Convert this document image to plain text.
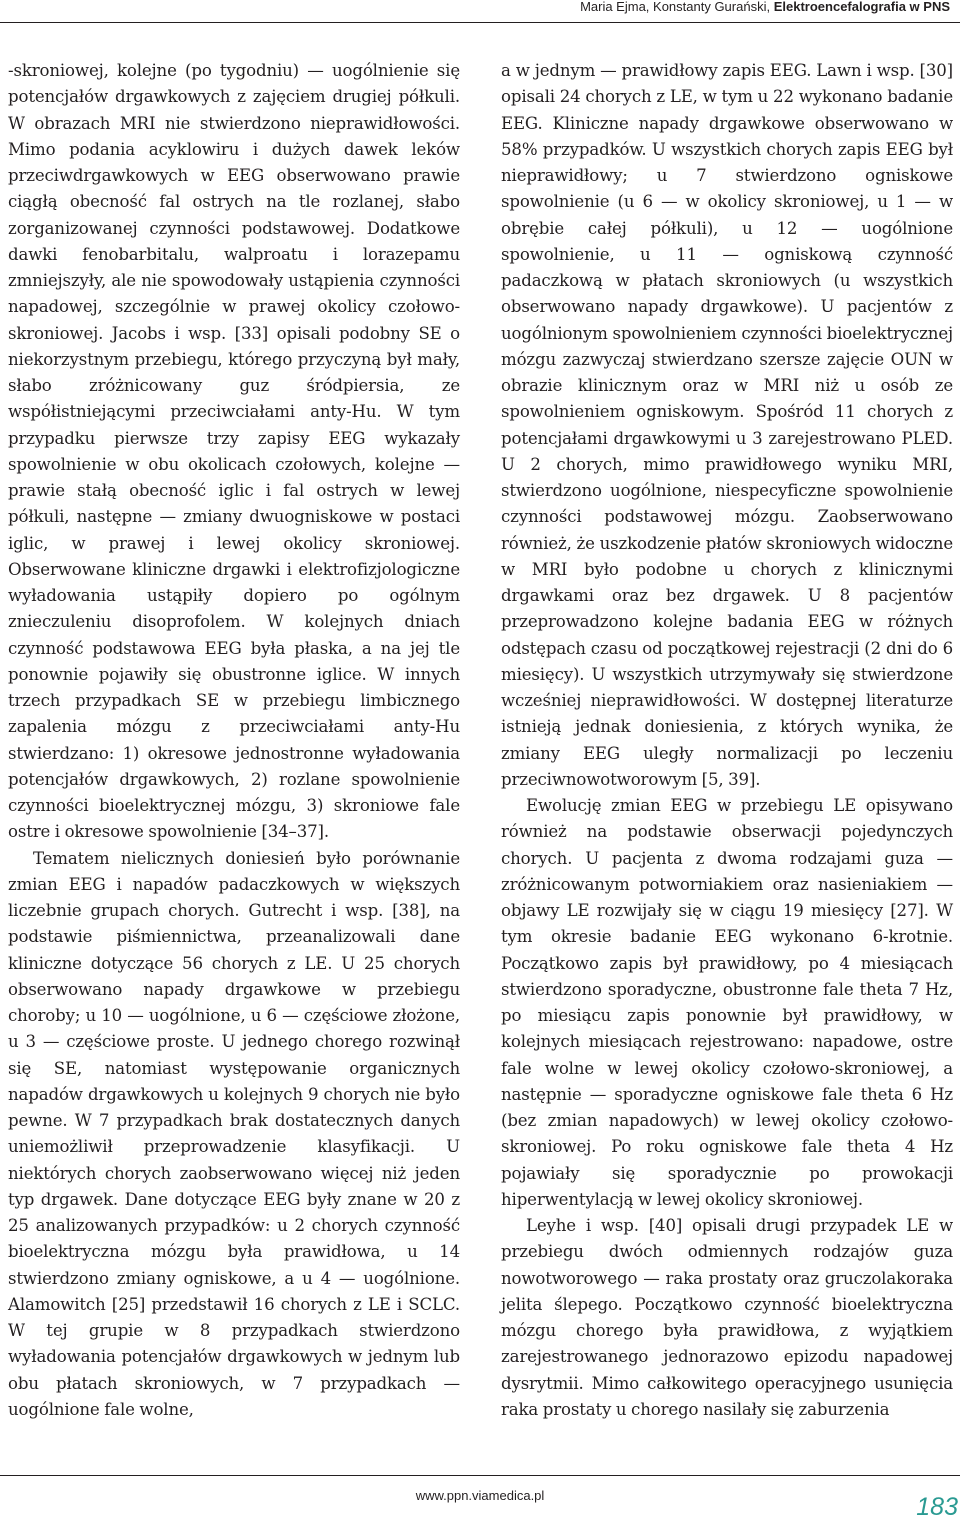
Maria Ejma, Konstanty Gurański, Elektroencefalografia w PNS

-skroniowej, kolejne (po tygodniu) — uogólnienie się potencjałów drgawkowych z zajęciem drugiej półkuli. W obrazach MRI nie stwierdzono nieprawidłowości. Mimo podania acyklowiru i dużych dawek leków przeciwdrgawkowych w EEG obserwowano prawie ciągłą obecność fal ostrych na tle rozlanej, słabo zorganizowanej czynności podstawowej. Dodatkowe dawki fenobarbitalu, walproatu i lorazepamu zmniejszyły, ale nie spowodowały ustąpienia czynności napadowej, szczególnie w prawej okolicy czołowo-skroniowej. Jacobs i wsp. [33] opisali podobny SE o niekorzystnym przebiegu, którego przyczyną był mały, słabo zróżnicowany guz śródpiersia, ze współistniejącymi przeciwciałami anty-Hu. W tym przypadku pierwsze trzy zapisy EEG wykazały spowolnienie w obu okolicach czołowych, kolejne — prawie stałą obecność iglic i fal ostrych w lewej półkuli, następne — zmiany dwuogniskowe w postaci iglic, w prawej i lewej okolicy skroniowej. Obserwowane kliniczne drgawki i elektrofizjologiczne wyładowania ustąpiły dopiero po ogólnym znieczuleniu disoprofolem. W kolejnych dniach czynność podstawowa EEG była płaska, a na jej tle ponownie pojawiły się obustronne iglice. W innych trzech przypadkach SE w przebiegu limbicznego zapalenia mózgu z przeciwciałami anty-Hu stwierdzano: 1) okresowe jednostronne wyładowania potencjałów drgawkowych, 2) rozlane spowolnienie czynności bioelektrycznej mózgu, 3) skroniowe fale ostre i okresowe spowolnienie [34–37].

Tematem nielicznych doniesień było porównanie zmian EEG i napadów padaczkowych w większych liczebnie grupach chorych. Gutrecht i wsp. [38], na podstawie piśmiennictwa, przeanalizowali dane kliniczne dotyczące 56 chorych z LE. U 25 chorych obserwowano napady drgawkowe w przebiegu choroby; u 10 — uogólnione, u 6 — częściowe złożone, u 3 — częściowe proste. U jednego chorego rozwinął się SE, natomiast występowanie organicznych napadów drgawkowych u kolejnych 9 chorych nie było pewne. W 7 przypadkach brak dostatecznych danych uniemożliwił przeprowadzenie klasyfikacji. U niektórych chorych zaobserwowano więcej niż jeden typ drgawek. Dane dotyczące EEG były znane w 20 z 25 analizowanych przypadków: u 2 chorych czynność bioelektryczna mózgu była prawidłowa, u 14 stwierdzono zmiany ogniskowe, a u 4 — uogólnione. Alamowitch [25] przedstawił 16 chorych z LE i SCLC. W tej grupie w 8 przypadkach stwierdzono wyładowania potencjałów drgawkowych w jednym lub obu płatach skroniowych, w 7 przypadkach — uogólnione fale wolne,

a w jednym — prawidłowy zapis EEG. Lawn i wsp. [30] opisali 24 chorych z LE, w tym u 22 wykonano badanie EEG. Kliniczne napady drgawkowe obserwowano w 58% przypadków. U wszystkich chorych zapis EEG był nieprawidłowy; u 7 stwierdzono ogniskowe spowolnienie (u 6 — w okolicy skroniowej, u 1 — w obrębie całej półkuli), u 12 — uogólnione spowolnienie, u 11 — ogniskową czynność padaczkową w płatach skroniowych (u wszystkich obserwowano napady drgawkowe). U pacjentów z uogólnionym spowolnieniem czynności bioelektrycznej mózgu zazwyczaj stwierdzano szersze zajęcie OUN w obrazie klinicznym oraz w MRI niż u osób ze spowolnieniem ogniskowym. Spośród 11 chorych z potencjałami drgawkowymi u 3 zarejestrowano PLED. U 2 chorych, mimo prawidłowego wyniku MRI, stwierdzono uogólnione, niespecyficzne spowolnienie czynności podstawowej mózgu. Zaobserwowano również, że uszkodzenie płatów skroniowych widoczne w MRI było podobne u chorych z klinicznymi drgawkami oraz bez drgawek. U 8 pacjentów przeprowadzono kolejne badania EEG w różnych odstępach czasu od początkowej rejestracji (2 dni do 6 miesięcy). U wszystkich utrzymywały się stwierdzone wcześniej nieprawidłowości. W dostępnej literaturze istnieją jednak doniesienia, z których wynika, że zmiany EEG uległy normalizacji po leczeniu przeciwnowotworowym [5, 39].

Ewolucję zmian EEG w przebiegu LE opisywano również na podstawie obserwacji pojedynczych chorych. U pacjenta z dwoma rodzajami guza — zróżnicowanym potworniakiem oraz nasieniakiem — objawy LE rozwijały się w ciągu 19 miesięcy [27]. W tym okresie badanie EEG wykonano 6-krotnie. Początkowo zapis był prawidłowy, po 4 miesiącach stwierdzono sporadyczne, obustronne fale theta 7 Hz, po miesiącu zapis ponownie był prawidłowy, w kolejnych miesiącach rejestrowano: napadowe, ostre fale wolne w lewej okolicy czołowo-skroniowej, a następnie — sporadyczne ogniskowe fale theta 6 Hz (bez zmian napadowych) w lewej okolicy czołowo-skroniowej. Po roku ogniskowe fale theta 4 Hz pojawiały się sporadycznie po prowokacji hiperwentylacją w lewej okolicy skroniowej.

Leyhe i wsp. [40] opisali drugi przypadek LE w przebiegu dwóch odmiennych rodzajów guza nowotworowego — raka prostaty oraz gruczolakoraka jelita ślepego. Początkowo czynność bioelektryczna mózgu chorego była prawidłowa, z wyjątkiem zarejestrowanego jednorazowo epizodu napadowej dysrytmii. Mimo całkowitego operacyjnego usunięcia raka prostaty u chorego nasilały się zaburzenia

www.ppn.viamedica.pl	183
